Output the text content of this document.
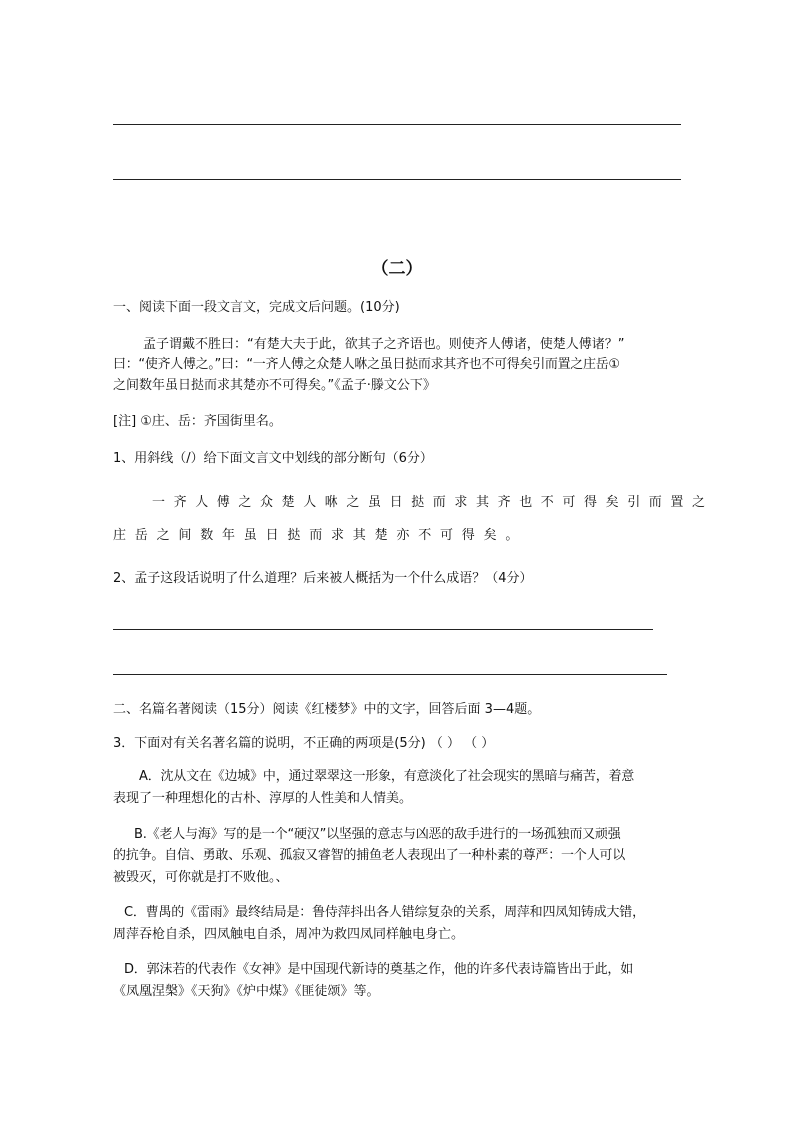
（二）
一、阅读下面一段文言文，完成文后问题。(10分)
孟子谓戴不胜曰：“有楚大夫于此，欲其子之齐语也。则使齐人傅诸，使楚人傅诸？”
曰：“使齐人傅之。”曰：“一齐人傅之众楚人咻之虽日挞而求其齐也不可得矣引而置之庄岳①
之间数年虽日挞而求其楚亦不可得矣。”《孟子·滕文公下》
[注] ①庄、岳：齐国街里名。
1、用斜线（/）给下面文言文中划线的部分断句（6分）
一齐人傅之众楚人咻之虽日挞而求其齐也不可得矣引而置之
庄岳之间数年虽日挞而求其楚亦不可得矣。
2、孟子这段话说明了什么道理？后来被人概括为一个什么成语？（4分）
二、名篇名著阅读（15分）阅读《红楼梦》中的文字，回答后面 3—4题。
3．下面对有关名著名篇的说明，不正确的两项是(5分) （ ） （ ）
A．沈从文在《边城》中，通过翠翠这一形象，有意淡化了社会现实的黑暗与痛苦，着意
表现了一种理想化的古朴、淳厚的人性美和人情美。
B.《老人与海》写的是一个“硬汉”以坚强的意志与凶恶的敌手进行的一场孤独而又顽强
的抗争。自信、勇敢、乐观、孤寂又睿智的捕鱼老人表现出了一种朴素的尊严：一个人可以
被毁灭，可你就是打不败他。、
C．曹禺的《雷雨》最终结局是：鲁侍萍抖出各人错综复杂的关系，周萍和四凤知铸成大错，
周萍吞枪自杀，四凤触电自杀，周冲为救四凤同样触电身亡。
D．郭沫若的代表作《女神》是中国现代新诗的奠基之作，他的许多代表诗篇皆出于此，如
《凤凰涅槃》《天狗》《炉中煤》《匪徒颂》等。
